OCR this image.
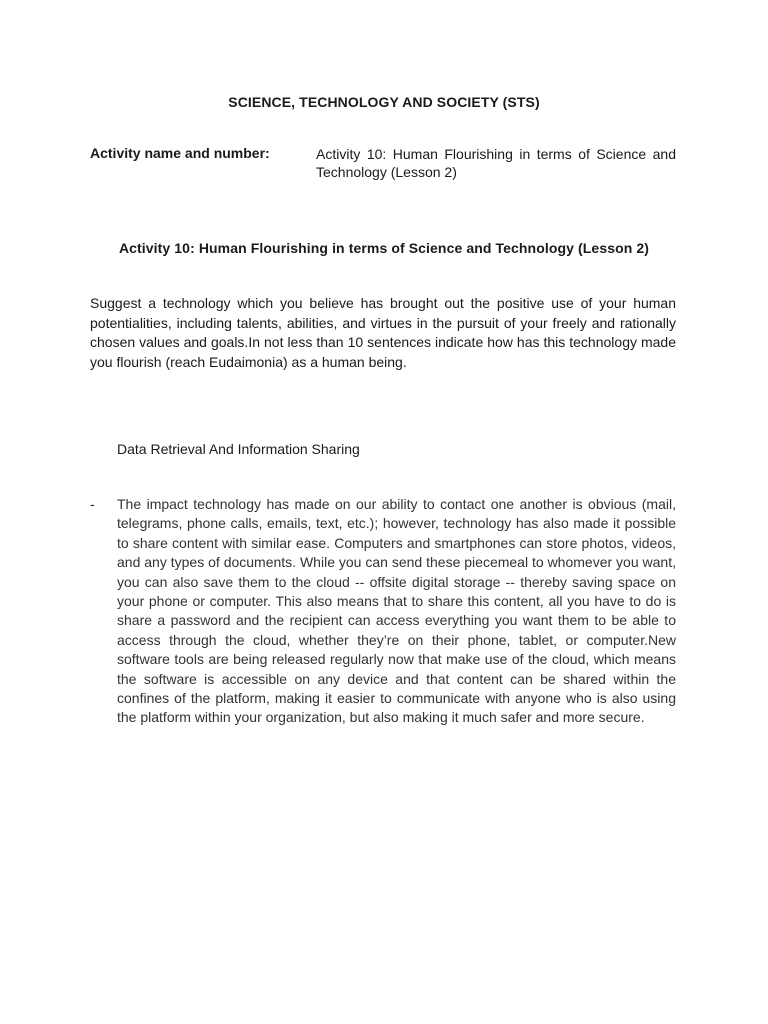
SCIENCE, TECHNOLOGY AND SOCIETY (STS)
Activity name and number:	Activity 10: Human Flourishing in terms of Science and Technology (Lesson 2)
Activity 10: Human Flourishing in terms of Science and Technology (Lesson 2)
Suggest a technology which you believe has brought out the positive use of your human potentialities, including talents, abilities, and virtues in the pursuit of your freely and rationally chosen values and goals.In not less than 10 sentences indicate how has this technology made you flourish (reach Eudaimonia) as a human being.
Data Retrieval And Information Sharing
- The impact technology has made on our ability to contact one another is obvious (mail, telegrams, phone calls, emails, text, etc.); however, technology has also made it possible to share content with similar ease. Computers and smartphones can store photos, videos, and any types of documents. While you can send these piecemeal to whomever you want, you can also save them to the cloud -- offsite digital storage -- thereby saving space on your phone or computer. This also means that to share this content, all you have to do is share a password and the recipient can access everything you want them to be able to access through the cloud, whether they’re on their phone, tablet, or computer.New software tools are being released regularly now that make use of the cloud, which means the software is accessible on any device and that content can be shared within the confines of the platform, making it easier to communicate with anyone who is also using the platform within your organization, but also making it much safer and more secure.
